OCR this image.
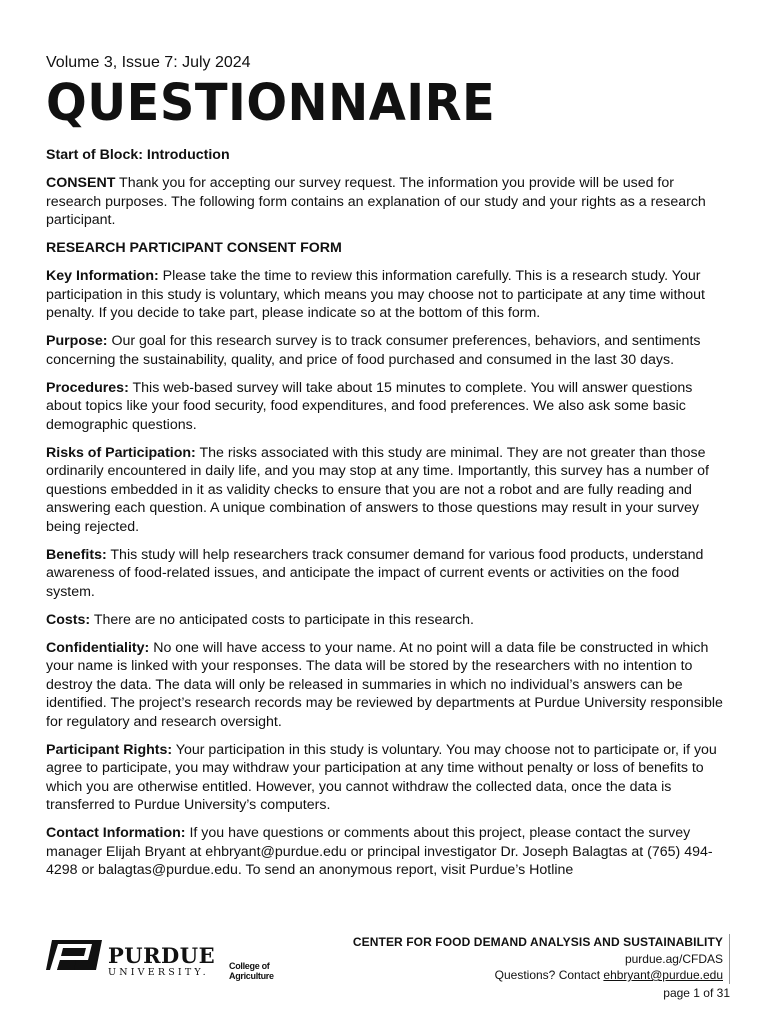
Volume 3, Issue 7: July 2024
QUESTIONNAIRE

Start of Block: Introduction

CONSENT Thank you for accepting our survey request. The information you provide will be used for research purposes. The following form contains an explanation of our study and your rights as a research participant.

RESEARCH PARTICIPANT CONSENT FORM

Key Information: Please take the time to review this information carefully. This is a research study. Your participation in this study is voluntary, which means you may choose not to participate at any time without penalty. If you decide to take part, please indicate so at the bottom of this form.

Purpose: Our goal for this research survey is to track consumer preferences, behaviors, and sentiments concerning the sustainability, quality, and price of food purchased and consumed in the last 30 days.

Procedures: This web-based survey will take about 15 minutes to complete. You will answer questions about topics like your food security, food expenditures, and food preferences. We also ask some basic demographic questions.

Risks of Participation: The risks associated with this study are minimal. They are not greater than those ordinarily encountered in daily life, and you may stop at any time. Importantly, this survey has a number of questions embedded in it as validity checks to ensure that you are not a robot and are fully reading and answering each question. A unique combination of answers to those questions may result in your survey being rejected.

Benefits: This study will help researchers track consumer demand for various food products, understand awareness of food-related issues, and anticipate the impact of current events or activities on the food system.

Costs: There are no anticipated costs to participate in this research.

Confidentiality: No one will have access to your name. At no point will a data file be constructed in which your name is linked with your responses. The data will be stored by the researchers with no intention to destroy the data. The data will only be released in summaries in which no individual’s answers can be identified. The project’s research records may be reviewed by departments at Purdue University responsible for regulatory and research oversight.

Participant Rights: Your participation in this study is voluntary. You may choose not to participate or, if you agree to participate, you may withdraw your participation at any time without penalty or loss of benefits to which you are otherwise entitled. However, you cannot withdraw the collected data, once the data is transferred to Purdue University’s computers.

Contact Information: If you have questions or comments about this project, please contact the survey manager Elijah Bryant at ehbryant@purdue.edu or principal investigator Dr. Joseph Balagtas at (765) 494-4298 or balagtas@purdue.edu. To send an anonymous report, visit Purdue’s Hotline

PURDUE
UNIVERSITY.
College of Agriculture
CENTER FOR FOOD DEMAND ANALYSIS AND SUSTAINABILITY
purdue.ag/CFDAS
Questions? Contact ehbryant@purdue.edu
page 1 of 31
